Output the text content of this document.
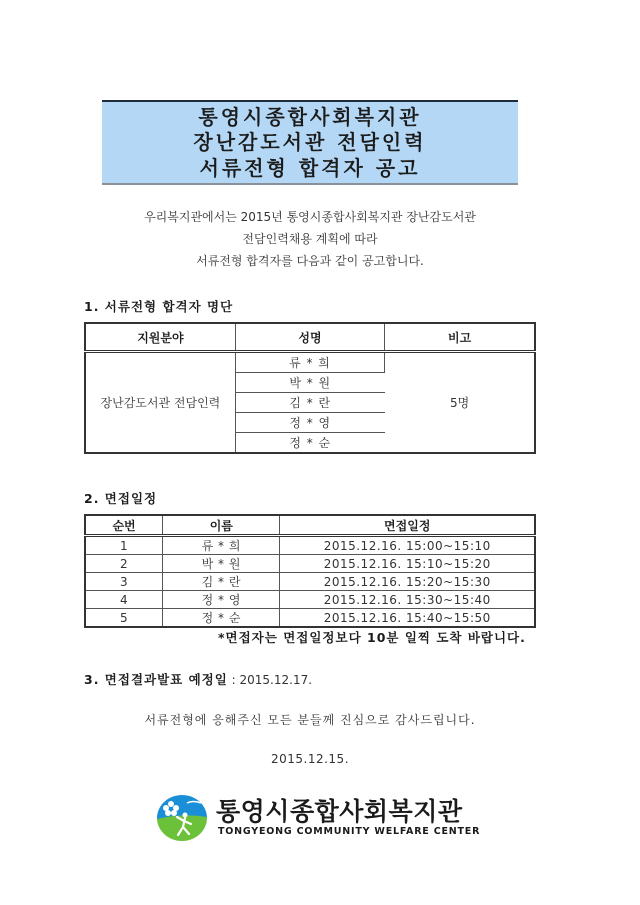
통영시종합사회복지관
장난감도서관 전담인력
서류전형 합격자 공고
우리복지관에서는 2015년 통영시종합사회복지관 장난감도서관
전담인력채용 계획에 따라
서류전형 합격자를 다음과 같이 공고합니다.
1. 서류전형 합격자 명단
지원분야	성명	비고
장난감도서관 전담인력	류 * 희	5명
	박 * 원	
	김 * 란	
	정 * 영	
	정 * 순	
2. 면접일정
순번	이름	면접일정
1	류 * 희	2015.12.16. 15:00~15:10
2	박 * 원	2015.12.16. 15:10~15:20
3	김 * 란	2015.12.16. 15:20~15:30
4	정 * 영	2015.12.16. 15:30~15:40
5	정 * 순	2015.12.16. 15:40~15:50
*면접자는 면접일정보다 10분 일찍 도착 바랍니다.
3. 면접결과발표 예정일 : 2015.12.17.
서류전형에 응해주신 모든 분들께 진심으로 감사드립니다.
2015.12.15.
통영시종합사회복지관
TONGYEONG COMMUNITY WELFARE CENTER
